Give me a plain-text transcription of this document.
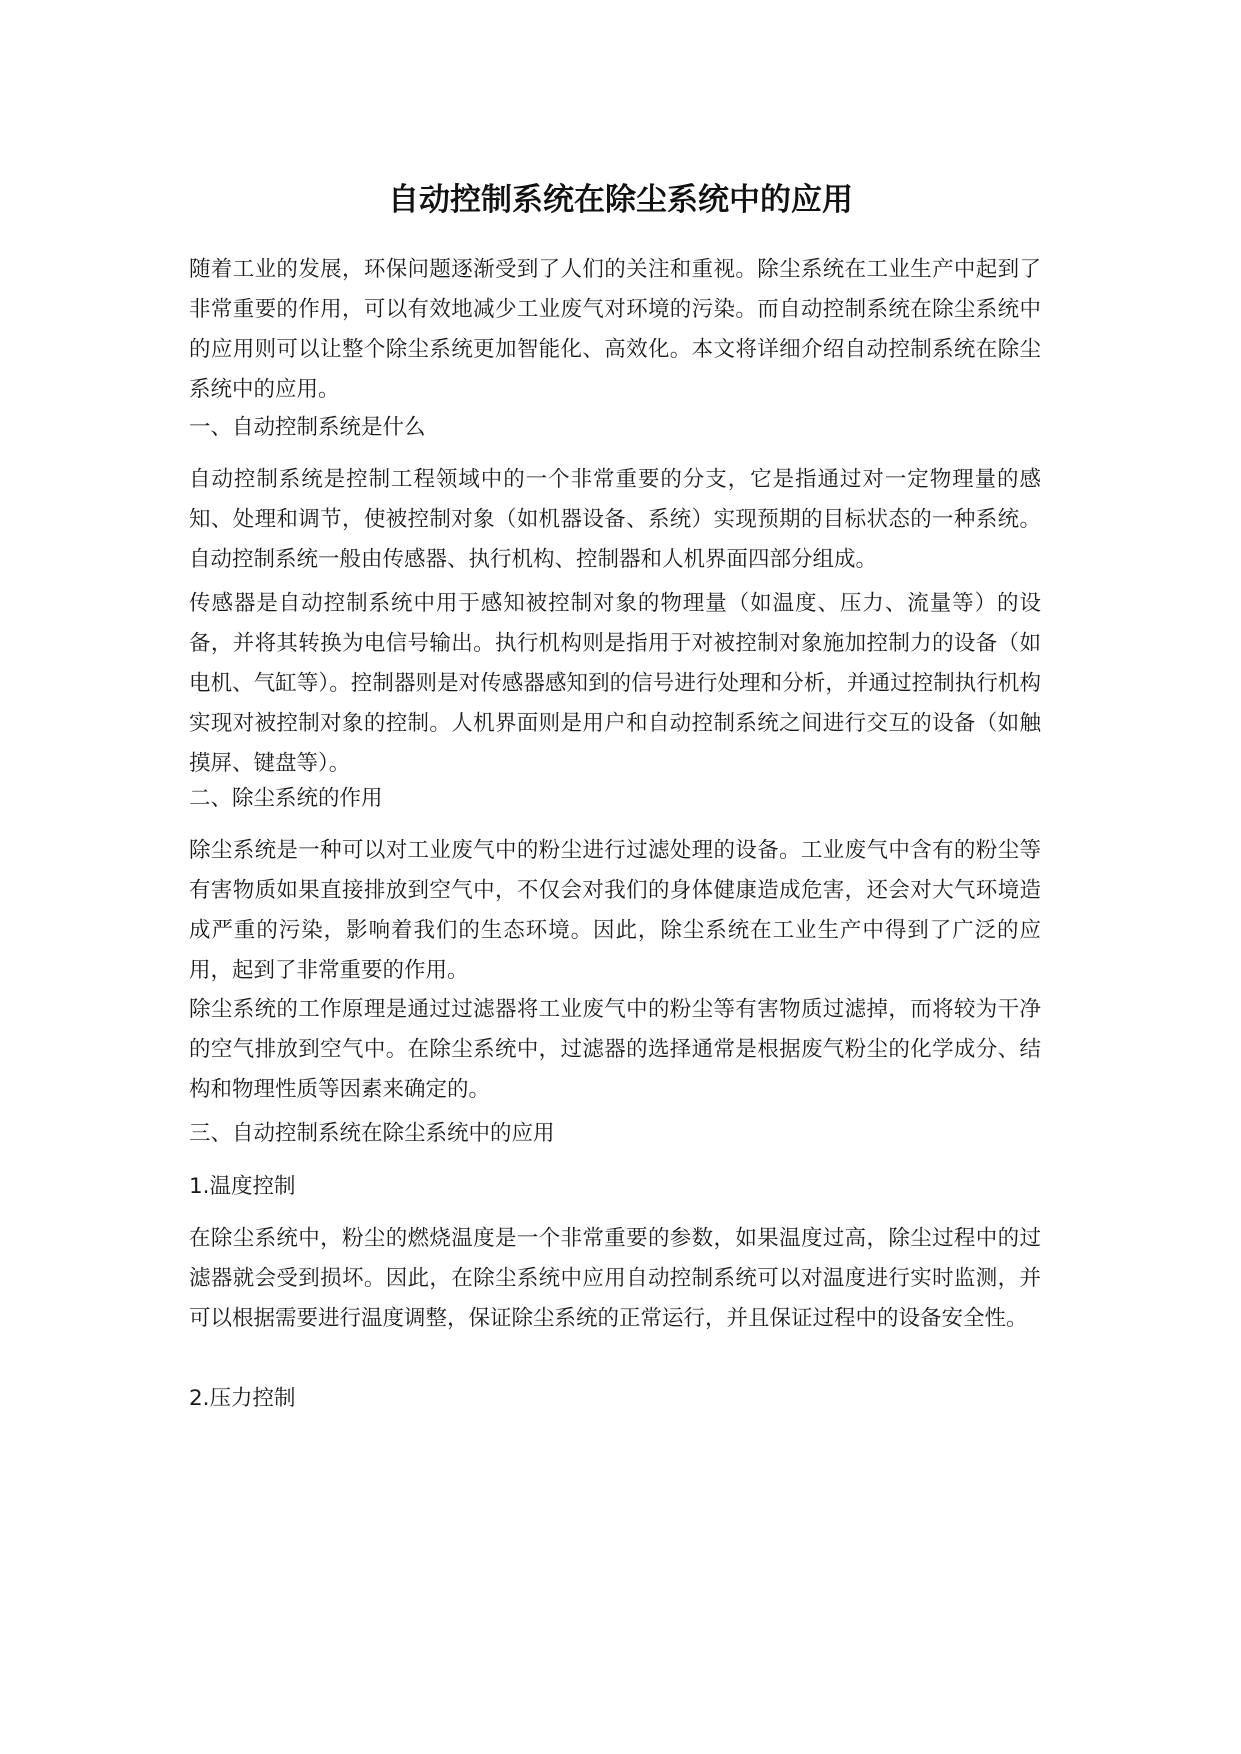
自动控制系统在除尘系统中的应用

随着工业的发展，环保问题逐渐受到了人们的关注和重视。除尘系统在工业生产中起到了非常重要的作用，可以有效地减少工业废气对环境的污染。而自动控制系统在除尘系统中的应用则可以让整个除尘系统更加智能化、高效化。本文将详细介绍自动控制系统在除尘系统中的应用。

一、自动控制系统是什么

自动控制系统是控制工程领域中的一个非常重要的分支，它是指通过对一定物理量的感知、处理和调节，使被控制对象（如机器设备、系统）实现预期的目标状态的一种系统。自动控制系统一般由传感器、执行机构、控制器和人机界面四部分组成。

传感器是自动控制系统中用于感知被控制对象的物理量（如温度、压力、流量等）的设备，并将其转换为电信号输出。执行机构则是指用于对被控制对象施加控制力的设备（如电机、气缸等）。控制器则是对传感器感知到的信号进行处理和分析，并通过控制执行机构实现对被控制对象的控制。人机界面则是用户和自动控制系统之间进行交互的设备（如触摸屏、键盘等）。

二、除尘系统的作用

除尘系统是一种可以对工业废气中的粉尘进行过滤处理的设备。工业废气中含有的粉尘等有害物质如果直接排放到空气中，不仅会对我们的身体健康造成危害，还会对大气环境造成严重的污染，影响着我们的生态环境。因此，除尘系统在工业生产中得到了广泛的应用，起到了非常重要的作用。

除尘系统的工作原理是通过过滤器将工业废气中的粉尘等有害物质过滤掉，而将较为干净的空气排放到空气中。在除尘系统中，过滤器的选择通常是根据废气粉尘的化学成分、结构和物理性质等因素来确定的。

三、自动控制系统在除尘系统中的应用

1.温度控制

在除尘系统中，粉尘的燃烧温度是一个非常重要的参数，如果温度过高，除尘过程中的过滤器就会受到损坏。因此，在除尘系统中应用自动控制系统可以对温度进行实时监测，并可以根据需要进行温度调整，保证除尘系统的正常运行，并且保证过程中的设备安全性。

2.压力控制
